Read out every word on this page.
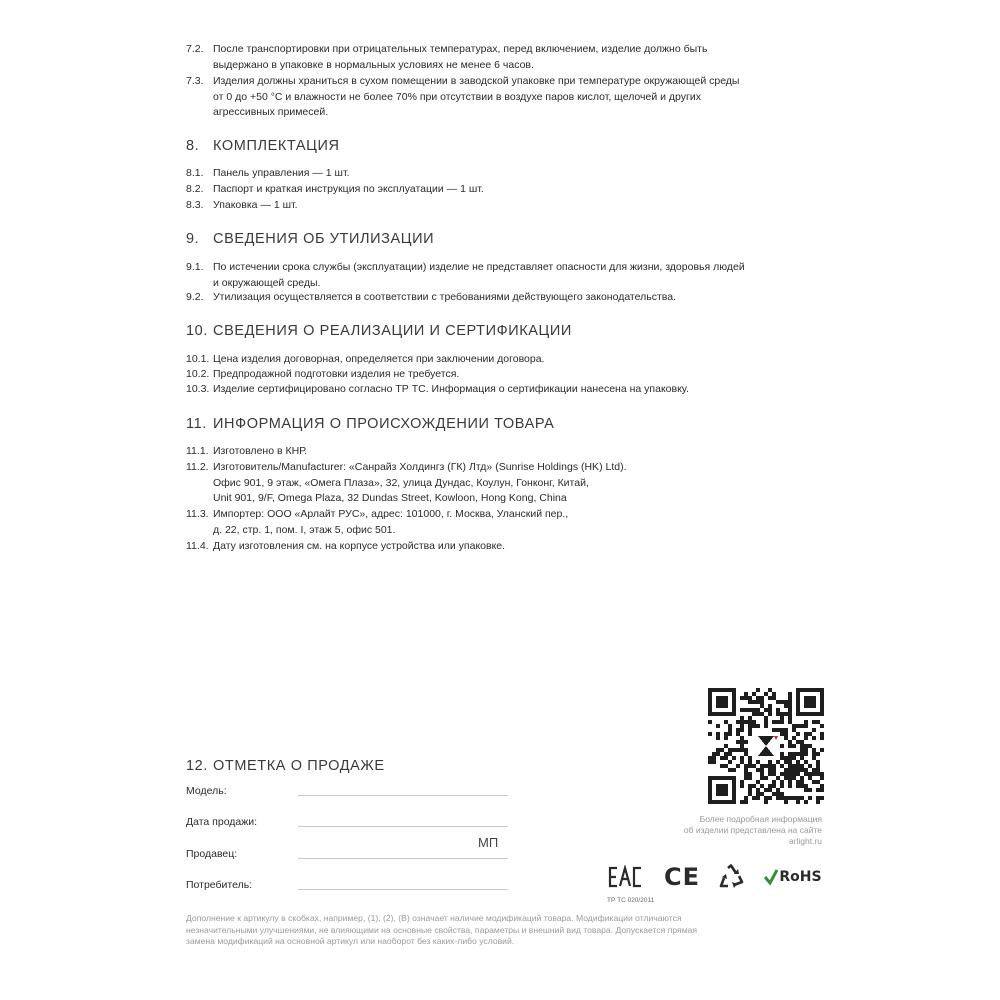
7.2. После транспортировки при отрицательных температурах, перед включением, изделие должно быть
выдержано в упаковке в нормальных условиях не менее 6 часов.
7.3. Изделия должны храниться в сухом помещении в заводской упаковке при температуре окружающей среды
от 0 до +50 °C и влажности не более 70% при отсутствии в воздухе паров кислот, щелочей и других
агрессивных примесей.
8. КОМПЛЕКТАЦИЯ
8.1. Панель управления — 1 шт.
8.2. Паспорт и краткая инструкция по эксплуатации — 1 шт.
8.3. Упаковка — 1 шт.
9. СВЕДЕНИЯ ОБ УТИЛИЗАЦИИ
9.1. По истечении срока службы (эксплуатации) изделие не представляет опасности для жизни, здоровья людей
и окружающей среды.
9.2. Утилизация осуществляется в соответствии с требованиями действующего законодательства.
10. СВЕДЕНИЯ О РЕАЛИЗАЦИИ И СЕРТИФИКАЦИИ
10.1. Цена изделия договорная, определяется при заключении договора.
10.2. Предпродажной подготовки изделия не требуется.
10.3. Изделие сертифицировано согласно ТР ТС. Информация о сертификации нанесена на упаковку.
11. ИНФОРМАЦИЯ О ПРОИСХОЖДЕНИИ ТОВАРА
11.1. Изготовлено в КНР.
11.2. Изготовитель/Manufacturer: «Санрайз Холдингз (ГК) Лтд» (Sunrise Holdings (HK) Ltd).
Офис 901, 9 этаж, «Омега Плаза», 32, улица Дундас, Коулун, Гонконг, Китай,
Unit 901, 9/F, Omega Plaza, 32 Dundas Street, Kowloon, Hong Kong, China
11.3. Импортер: ООО «Арлайт РУС», адрес: 101000, г. Москва, Уланский пер.,
д. 22, стр. 1, пом. I, этаж 5, офис 501.
11.4. Дату изготовления см. на корпусе устройства или упаковке.
12. ОТМЕТКА О ПРОДАЖЕ
Модель:
Дата продажи:
Продавец:
МП
Потребитель:
Более подробная информация
об изделии представлена на сайте
arlight.ru
CE	RoHS
ТР ТС 020/2011
Дополнение к артикулу в скобках, например, (1), (2), (B) означает наличие модификаций товара. Модификации отличаются
незначительными улучшениями, не влияющими на основные свойства, параметры и внешний вид товара. Допускается прямая
замена модификаций на основной артикул или наоборот без каких-либо условий.
